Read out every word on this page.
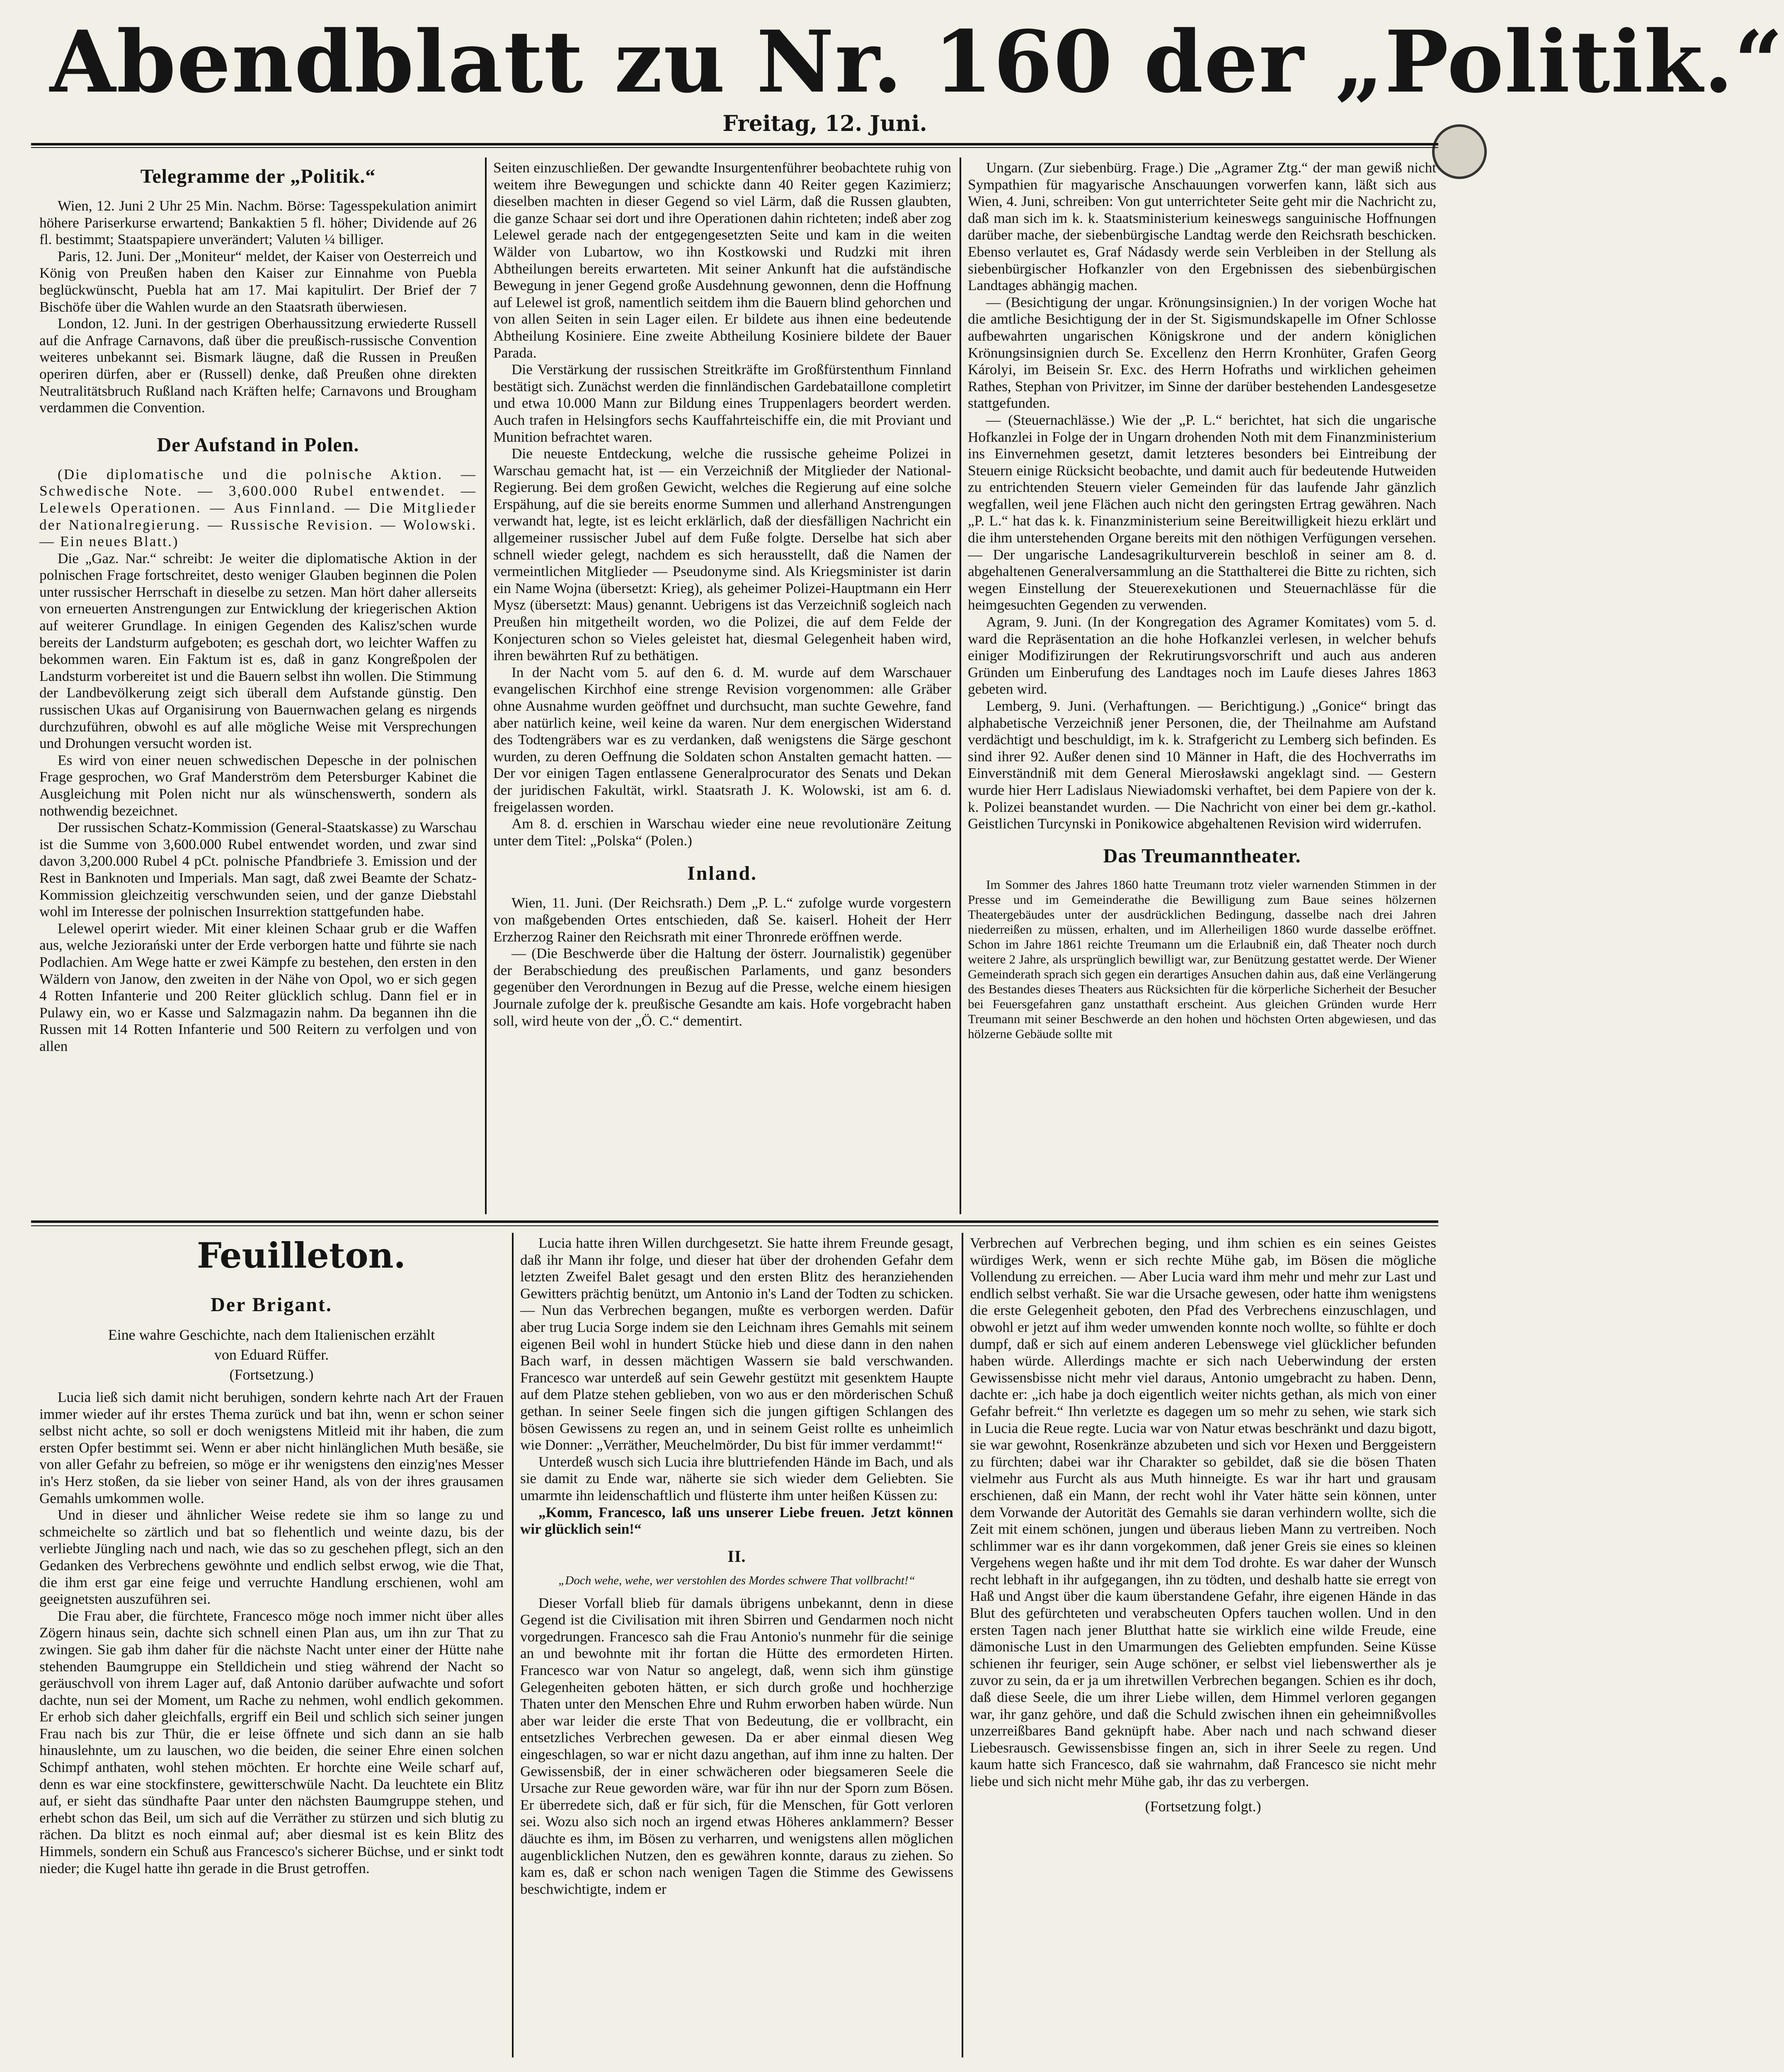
Abendblatt zu Nr. 160 der „Politik.“
Freitag, 12. Juni.
Telegramme der „Politik.“

Wien, 12. Juni 2 Uhr 25 Min. Nachm. Börse: Tagesspekulation animirt höhere Pariserkurse erwartend; Bankaktien 5 fl. höher; Dividende auf 26 fl. bestimmt; Staatspapiere unverändert; Valuten ¼ billiger.

Paris, 12. Juni. Der „Moniteur“ meldet, der Kaiser von Oesterreich und König von Preußen haben den Kaiser zur Einnahme von Puebla beglückwünscht, Puebla hat am 17. Mai kapitulirt. Der Brief der 7 Bischöfe über die Wahlen wurde an den Staatsrath überwiesen.

London, 12. Juni. In der gestrigen Oberhaussitzung erwiederte Russell auf die Anfrage Carnavons, daß über die preußisch-russische Convention weiteres unbekannt sei. Bismark läugne, daß die Russen in Preußen operiren dürfen, aber er (Russell) denke, daß Preußen ohne direkten Neutralitätsbruch Rußland nach Kräften helfe; Carnavons und Brougham verdammen die Convention.

Der Aufstand in Polen.

(Die diplomatische und die polnische Aktion. — Schwedische Note. — 3,600.000 Rubel entwendet. — Lelewels Operationen. — Aus Finnland. — Die Mitglieder der Nationalregierung. — Russische Revision. — Wolowski. — Ein neues Blatt.)

Die „Gaz. Nar.“ schreibt: Je weiter die diplomatische Aktion in der polnischen Frage fortschreitet, desto weniger Glauben beginnen die Polen unter russischer Herrschaft in dieselbe zu setzen. Man hört daher allerseits von erneuerten Anstrengungen zur Entwicklung der kriegerischen Aktion auf weiterer Grundlage. In einigen Gegenden des Kalisz'schen wurde bereits der Landsturm aufgeboten; es geschah dort, wo leichter Waffen zu bekommen waren. Ein Faktum ist es, daß in ganz Kongreßpolen der Landsturm vorbereitet ist und die Bauern selbst ihn wollen. Die Stimmung der Landbevölkerung zeigt sich überall dem Aufstande günstig. Den russischen Ukas auf Organisirung von Bauernwachen gelang es nirgends durchzuführen, obwohl es auf alle mögliche Weise mit Versprechungen und Drohungen versucht worden ist.

Es wird von einer neuen schwedischen Depesche in der polnischen Frage gesprochen, wo Graf Manderström dem Petersburger Kabinet die Ausgleichung mit Polen nicht nur als wünschenswerth, sondern als nothwendig bezeichnet.

Der russischen Schatz-Kommission (General-Staatskasse) zu Warschau ist die Summe von 3,600.000 Rubel entwendet worden, und zwar sind davon 3,200.000 Rubel 4 pCt. polnische Pfandbriefe 3. Emission und der Rest in Banknoten und Imperials. Man sagt, daß zwei Beamte der Schatz-Kommission gleichzeitig verschwunden seien, und der ganze Diebstahl wohl im Interesse der polnischen Insurrektion stattgefunden habe.

Lelewel operirt wieder. Mit einer kleinen Schaar grub er die Waffen aus, welche Jeziorański unter der Erde verborgen hatte und führte sie nach Podlachien. Am Wege hatte er zwei Kämpfe zu bestehen, den ersten in den Wäldern von Janow, den zweiten in der Nähe von Opol, wo er sich gegen 4 Rotten Infanterie und 200 Reiter glücklich schlug. Dann fiel er in Pulawy ein, wo er Kasse und Salzmagazin nahm. Da begannen ihn die Russen mit 14 Rotten Infanterie und 500 Reitern zu verfolgen und von allen

Seiten einzuschließen. Der gewandte Insurgentenführer beobachtete ruhig von weitem ihre Bewegungen und schickte dann 40 Reiter gegen Kazimierz; dieselben machten in dieser Gegend so viel Lärm, daß die Russen glaubten, die ganze Schaar sei dort und ihre Operationen dahin richteten; indeß aber zog Lelewel gerade nach der entgegengesetzten Seite und kam in die weiten Wälder von Lubartow, wo ihn Kostkowski und Rudzki mit ihren Abtheilungen bereits erwarteten. Mit seiner Ankunft hat die aufständische Bewegung in jener Gegend große Ausdehnung gewonnen, denn die Hoffnung auf Lelewel ist groß, namentlich seitdem ihm die Bauern blind gehorchen und von allen Seiten in sein Lager eilen. Er bildete aus ihnen eine bedeutende Abtheilung Kosiniere. Eine zweite Abtheilung Kosiniere bildete der Bauer Parada.

Die Verstärkung der russischen Streitkräfte im Großfürstenthum Finnland bestätigt sich. Zunächst werden die finnländischen Gardebataillone completirt und etwa 10.000 Mann zur Bildung eines Truppenlagers beordert werden. Auch trafen in Helsingfors sechs Kauffahrteischiffe ein, die mit Proviant und Munition befrachtet waren.

Die neueste Entdeckung, welche die russische geheime Polizei in Warschau gemacht hat, ist — ein Verzeichniß der Mitglieder der National-Regierung. Bei dem großen Gewicht, welches die Regierung auf eine solche Erspähung, auf die sie bereits enorme Summen und allerhand Anstrengungen verwandt hat, legte, ist es leicht erklärlich, daß der diesfälligen Nachricht ein allgemeiner russischer Jubel auf dem Fuße folgte. Derselbe hat sich aber schnell wieder gelegt, nachdem es sich herausstellt, daß die Namen der vermeintlichen Mitglieder — Pseudonyme sind. Als Kriegsminister ist darin ein Name Wojna (übersetzt: Krieg), als geheimer Polizei-Hauptmann ein Herr Mysz (übersetzt: Maus) genannt. Uebrigens ist das Verzeichniß sogleich nach Preußen hin mitgetheilt worden, wo die Polizei, die auf dem Felde der Konjecturen schon so Vieles geleistet hat, diesmal Gelegenheit haben wird, ihren bewährten Ruf zu bethätigen.

In der Nacht vom 5. auf den 6. d. M. wurde auf dem Warschauer evangelischen Kirchhof eine strenge Revision vorgenommen: alle Gräber ohne Ausnahme wurden geöffnet und durchsucht, man suchte Gewehre, fand aber natürlich keine, weil keine da waren. Nur dem energischen Widerstand des Todtengräbers war es zu verdanken, daß wenigstens die Särge geschont wurden, zu deren Oeffnung die Soldaten schon Anstalten gemacht hatten. — Der vor einigen Tagen entlassene Generalprocurator des Senats und Dekan der juridischen Fakultät, wirkl. Staatsrath J. K. Wolowski, ist am 6. d. freigelassen worden.

Am 8. d. erschien in Warschau wieder eine neue revolutionäre Zeitung unter dem Titel: „Polska“ (Polen.)

Inland.

Wien, 11. Juni. (Der Reichsrath.) Dem „P. L.“ zufolge wurde vorgestern von maßgebenden Ortes entschieden, daß Se. kaiserl. Hoheit der Herr Erzherzog Rainer den Reichsrath mit einer Thronrede eröffnen werde.

— (Die Beschwerde über die Haltung der österr. Journalistik) gegenüber der Berabschiedung des preußischen Parlaments, und ganz besonders gegenüber den Verordnungen in Bezug auf die Presse, welche einem hiesigen Journale zufolge der k. preußische Gesandte am kais. Hofe vorgebracht haben soll, wird heute von der „Ö. C.“ dementirt.

Ungarn. (Zur siebenbürg. Frage.) Die „Agramer Ztg.“ der man gewiß nicht Sympathien für magyarische Anschauungen vorwerfen kann, läßt sich aus Wien, 4. Juni, schreiben: Von gut unterrichteter Seite geht mir die Nachricht zu, daß man sich im k. k. Staatsministerium keineswegs sanguinische Hoffnungen darüber mache, der siebenbürgische Landtag werde den Reichsrath beschicken. Ebenso verlautet es, Graf Nádasdy werde sein Verbleiben in der Stellung als siebenbürgischer Hofkanzler von den Ergebnissen des siebenbürgischen Landtages abhängig machen.

— (Besichtigung der ungar. Krönungsinsignien.) In der vorigen Woche hat die amtliche Besichtigung der in der St. Sigismundskapelle im Ofner Schlosse aufbewahrten ungarischen Königskrone und der andern königlichen Krönungsinsignien durch Se. Excellenz den Herrn Kronhüter, Grafen Georg Károlyi, im Beisein Sr. Exc. des Herrn Hofraths und wirklichen geheimen Rathes, Stephan von Privitzer, im Sinne der darüber bestehenden Landesgesetze stattgefunden.

— (Steuernachlässe.) Wie der „P. L.“ berichtet, hat sich die ungarische Hofkanzlei in Folge der in Ungarn drohenden Noth mit dem Finanzministerium ins Einvernehmen gesetzt, damit letzteres besonders bei Eintreibung der Steuern einige Rücksicht beobachte, und damit auch für bedeutende Hutweiden zu entrichtenden Steuern vieler Gemeinden für das laufende Jahr gänzlich wegfallen, weil jene Flächen auch nicht den geringsten Ertrag gewähren. Nach „P. L.“ hat das k. k. Finanzministerium seine Bereitwilligkeit hiezu erklärt und die ihm unterstehenden Organe bereits mit den nöthigen Verfügungen versehen. — Der ungarische Landesagrikulturverein beschloß in seiner am 8. d. abgehaltenen Generalversammlung an die Statthalterei die Bitte zu richten, sich wegen Einstellung der Steuerexekutionen und Steuernachlässe für die heimgesuchten Gegenden zu verwenden.

Agram, 9. Juni. (In der Kongregation des Agramer Komitates) vom 5. d. ward die Repräsentation an die hohe Hofkanzlei verlesen, in welcher behufs einiger Modifizirungen der Rekrutirungsvorschrift und auch aus anderen Gründen um Einberufung des Landtages noch im Laufe dieses Jahres 1863 gebeten wird.

Lemberg, 9. Juni. (Verhaftungen. — Berichtigung.) „Gonice“ bringt das alphabetische Verzeichniß jener Personen, die, der Theilnahme am Aufstand verdächtigt und beschuldigt, im k. k. Strafgericht zu Lemberg sich befinden. Es sind ihrer 92. Außer denen sind 10 Männer in Haft, die des Hochverraths im Einverständniß mit dem General Mierosławski angeklagt sind. — Gestern wurde hier Herr Ladislaus Niewiadomski verhaftet, bei dem Papiere von der k. k. Polizei beanstandet wurden. — Die Nachricht von einer bei dem gr.-kathol. Geistlichen Turcynski in Ponikowice abgehaltenen Revision wird widerrufen.

Das Treumanntheater.

Im Sommer des Jahres 1860 hatte Treumann trotz vieler warnenden Stimmen in der Presse und im Gemeinderathe die Bewilligung zum Baue seines hölzernen Theatergebäudes unter der ausdrücklichen Bedingung, dasselbe nach drei Jahren niederreißen zu müssen, erhalten, und im Allerheiligen 1860 wurde dasselbe eröffnet. Schon im Jahre 1861 reichte Treumann um die Erlaubniß ein, daß Theater noch durch weitere 2 Jahre, als ursprünglich bewilligt war, zur Benützung gestattet werde. Der Wiener Gemeinderath sprach sich gegen ein derartiges Ansuchen dahin aus, daß eine Verlängerung des Bestandes dieses Theaters aus Rücksichten für die körperliche Sicherheit der Besucher bei Feuersgefahren ganz unstatthaft erscheint. Aus gleichen Gründen wurde Herr Treumann mit seiner Beschwerde an den hohen und höchsten Orten abgewiesen, und das hölzerne Gebäude sollte mit

Feuilleton.
Der Brigant.
Eine wahre Geschichte, nach dem Italienischen erzählt
von Eduard Rüffer.
(Fortsetzung.)

Lucia ließ sich damit nicht beruhigen, sondern kehrte nach Art der Frauen immer wieder auf ihr erstes Thema zurück und bat ihn, wenn er schon seiner selbst nicht achte, so soll er doch wenigstens Mitleid mit ihr haben, die zum ersten Opfer bestimmt sei. Wenn er aber nicht hinlänglichen Muth besäße, sie von aller Gefahr zu befreien, so möge er ihr wenigstens den einzig'nes Messer in's Herz stoßen, da sie lieber von seiner Hand, als von der ihres grausamen Gemahls umkommen wolle.

Und in dieser und ähnlicher Weise redete sie ihm so lange zu und schmeichelte so zärtlich und bat so flehentlich und weinte dazu, bis der verliebte Jüngling nach und nach, wie das so zu geschehen pflegt, sich an den Gedanken des Verbrechens gewöhnte und endlich selbst erwog, wie die That, die ihm erst gar eine feige und verruchte Handlung erschienen, wohl am geeignetsten auszuführen sei.

Die Frau aber, die fürchtete, Francesco möge noch immer nicht über alles Zögern hinaus sein, dachte sich schnell einen Plan aus, um ihn zur That zu zwingen. Sie gab ihm daher für die nächste Nacht unter einer der Hütte nahe stehenden Baumgruppe ein Stelldichein und stieg während der Nacht so geräuschvoll von ihrem Lager auf, daß Antonio darüber aufwachte und sofort dachte, nun sei der Moment, um Rache zu nehmen, wohl endlich gekommen. Er erhob sich daher gleichfalls, ergriff ein Beil und schlich sich seiner jungen Frau nach bis zur Thür, die er leise öffnete und sich dann an sie halb hinauslehnte, um zu lauschen, wo die beiden, die seiner Ehre einen solchen Schimpf anthaten, wohl stehen möchten. Er horchte eine Weile scharf auf, denn es war eine stockfinstere, gewitterschwüle Nacht. Da leuchtete ein Blitz auf, er sieht das sündhafte Paar unter den nächsten Baumgruppe stehen, und erhebt schon das Beil, um sich auf die Verräther zu stürzen und sich blutig zu rächen. Da blitzt es noch einmal auf; aber diesmal ist es kein Blitz des Himmels, sondern ein Schuß aus Francesco's sicherer Büchse, und er sinkt todt nieder; die Kugel hatte ihn gerade in die Brust getroffen.

Lucia hatte ihren Willen durchgesetzt. Sie hatte ihrem Freunde gesagt, daß ihr Mann ihr folge, und dieser hat über der drohenden Gefahr dem letzten Zweifel Balet gesagt und den ersten Blitz des heranziehenden Gewitters prächtig benützt, um Antonio in's Land der Todten zu schicken. — Nun das Verbrechen begangen, mußte es verborgen werden. Dafür aber trug Lucia Sorge indem sie den Leichnam ihres Gemahls mit seinem eigenen Beil wohl in hundert Stücke hieb und diese dann in den nahen Bach warf, in dessen mächtigen Wassern sie bald verschwanden. Francesco war unterdeß auf sein Gewehr gestützt mit gesenktem Haupte auf dem Platze stehen geblieben, von wo aus er den mörderischen Schuß gethan. In seiner Seele fingen sich die jungen giftigen Schlangen des bösen Gewissens zu regen an, und in seinem Geist rollte es unheimlich wie Donner: „Verräther, Meuchelmörder, Du bist für immer verdammt!“

Unterdeß wusch sich Lucia ihre bluttriefenden Hände im Bach, und als sie damit zu Ende war, näherte sie sich wieder dem Geliebten. Sie umarmte ihn leidenschaftlich und flüsterte ihm unter heißen Küssen zu:

„Komm, Francesco, laß uns unserer Liebe freuen. Jetzt können wir glücklich sein!“

II.
„Doch wehe, wehe, wer verstohlen des Mordes schwere That vollbracht!“

Dieser Vorfall blieb für damals übrigens unbekannt, denn in diese Gegend ist die Civilisation mit ihren Sbirren und Gendarmen noch nicht vorgedrungen. Francesco sah die Frau Antonio's nunmehr für die seinige an und bewohnte mit ihr fortan die Hütte des ermordeten Hirten. Francesco war von Natur so angelegt, daß, wenn sich ihm günstige Gelegenheiten geboten hätten, er sich durch große und hochherzige Thaten unter den Menschen Ehre und Ruhm erworben haben würde. Nun aber war leider die erste That von Bedeutung, die er vollbracht, ein entsetzliches Verbrechen gewesen. Da er aber einmal diesen Weg eingeschlagen, so war er nicht dazu angethan, auf ihm inne zu halten. Der Gewissensbiß, der in einer schwächeren oder biegsameren Seele die Ursache zur Reue geworden wäre, war für ihn nur der Sporn zum Bösen. Er überredete sich, daß er für sich, für die Menschen, für Gott verloren sei. Wozu also sich noch an irgend etwas Höheres anklammern? Besser däuchte es ihm, im Bösen zu verharren, und wenigstens allen möglichen augenblicklichen Nutzen, den es gewähren konnte, daraus zu ziehen. So kam es, daß er schon nach wenigen Tagen die Stimme des Gewissens beschwichtigte, indem er

Verbrechen auf Verbrechen beging, und ihm schien es ein seines Geistes würdiges Werk, wenn er sich rechte Mühe gab, im Bösen die mögliche Vollendung zu erreichen. — Aber Lucia ward ihm mehr und mehr zur Last und endlich selbst verhaßt. Sie war die Ursache gewesen, oder hatte ihm wenigstens die erste Gelegenheit geboten, den Pfad des Verbrechens einzuschlagen, und obwohl er jetzt auf ihm weder umwenden konnte noch wollte, so fühlte er doch dumpf, daß er sich auf einem anderen Lebenswege viel glücklicher befunden haben würde. Allerdings machte er sich nach Ueberwindung der ersten Gewissensbisse nicht mehr viel daraus, Antonio umgebracht zu haben. Denn, dachte er: „ich habe ja doch eigentlich weiter nichts gethan, als mich von einer Gefahr befreit.“ Ihn verletzte es dagegen um so mehr zu sehen, wie stark sich in Lucia die Reue regte. Lucia war von Natur etwas beschränkt und dazu bigott, sie war gewohnt, Rosenkränze abzubeten und sich vor Hexen und Berggeistern zu fürchten; dabei war ihr Charakter so gebildet, daß sie die bösen Thaten vielmehr aus Furcht als aus Muth hinneigte. Es war ihr hart und grausam erschienen, daß ein Mann, der recht wohl ihr Vater hätte sein können, unter dem Vorwande der Autorität des Gemahls sie daran verhindern wollte, sich die Zeit mit einem schönen, jungen und überaus lieben Mann zu vertreiben. Noch schlimmer war es ihr dann vorgekommen, daß jener Greis sie eines so kleinen Vergehens wegen haßte und ihr mit dem Tod drohte. Es war daher der Wunsch recht lebhaft in ihr aufgegangen, ihn zu tödten, und deshalb hatte sie erregt von Haß und Angst über die kaum überstandene Gefahr, ihre eigenen Hände in das Blut des gefürchteten und verabscheuten Opfers tauchen wollen. Und in den ersten Tagen nach jener Blutthat hatte sie wirklich eine wilde Freude, eine dämonische Lust in den Umarmungen des Geliebten empfunden. Seine Küsse schienen ihr feuriger, sein Auge schöner, er selbst viel liebenswerther als je zuvor zu sein, da er ja um ihretwillen Verbrechen begangen. Schien es ihr doch, daß diese Seele, die um ihrer Liebe willen, dem Himmel verloren gegangen war, ihr ganz gehöre, und daß die Schuld zwischen ihnen ein geheimnißvolles unzerreißbares Band geknüpft habe. Aber nach und nach schwand dieser Liebesrausch. Gewissensbisse fingen an, sich in ihrer Seele zu regen. Und kaum hatte sich Francesco, daß sie wahrnahm, daß Francesco sie nicht mehr liebe und sich nicht mehr Mühe gab, ihr das zu verbergen.

(Fortsetzung folgt.)
